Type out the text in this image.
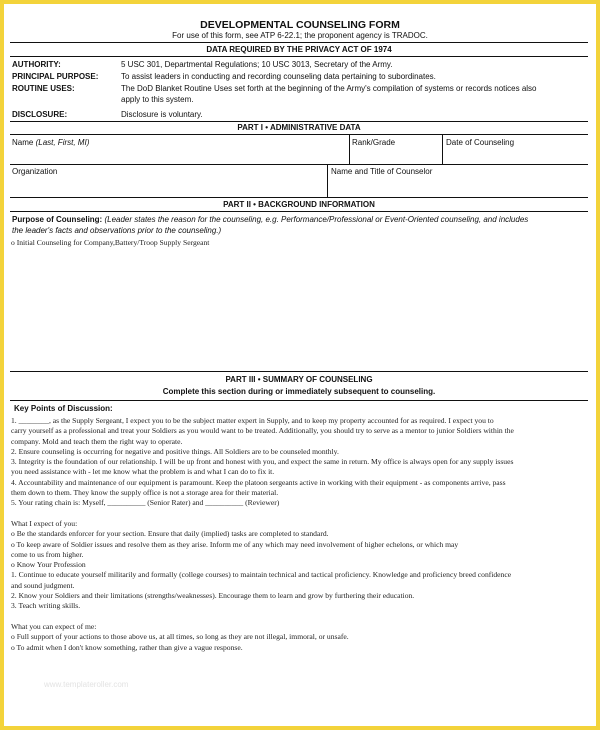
DEVELOPMENTAL COUNSELING FORM
For use of this form, see ATP 6-22.1; the proponent agency is TRADOC.
DATA REQUIRED BY THE PRIVACY ACT OF 1974
AUTHORITY:	5 USC 301, Departmental Regulations; 10 USC 3013, Secretary of the Army.
PRINCIPAL PURPOSE:	To assist leaders in conducting and recording counseling data pertaining to subordinates.
ROUTINE USES:	The DoD Blanket Routine Uses set forth at the beginning of the Army's compilation of systems or records notices also
apply to this system.
DISCLOSURE:	Disclosure is voluntary.
PART I • ADMINISTRATIVE DATA
Name (Last, First, MI)	Rank/Grade	Date of Counseling
Organization	Name and Title of Counselor
PART II • BACKGROUND INFORMATION
Purpose of Counseling: (Leader states the reason for the counseling, e.g. Performance/Professional or Event-Oriented counseling, and includes
the leader's facts and observations prior to the counseling.)
o Initial Counseling for Company,Battery/Troop Supply Sergeant
PART III • SUMMARY OF COUNSELING
Complete this section during or immediately subsequent to counseling.
Key Points of Discussion:
1. ________, as the Supply Sergeant, I expect you to be the subject matter expert in Supply, and to keep my property accounted for as required. I expect you to
carry yourself as a professional and treat your Soldiers as you would want to be treated. Additionally, you should try to serve as a mentor to junior Soldiers within the
company. Mold and teach them the right way to operate.
2. Ensure counseling is occurring for negative and positive things. All Soldiers are to be counseled monthly.
3. Integrity is the foundation of our relationship. I will be up front and honest with you, and expect the same in return. My office is always open for any supply issues
you need assistance with - let me know what the problem is and what I can do to fix it.
4. Accountability and maintenance of our equipment is paramount. Keep the platoon sergeants active in working with their equipment - as components arrive, pass
them down to them. They know the supply office is not a storage area for their material.
5. Your rating chain is: Myself, __________ (Senior Rater) and __________ (Reviewer)
What I expect of you:
o Be the standards enforcer for your section. Ensure that daily (implied) tasks are completed to standard.
o To keep aware of Soldier issues and resolve them as they arise. Inform me of any which may need involvement of higher echelons, or which may
come to us from higher.
o Know Your Profession
1. Continue to educate yourself militarily and formally (college courses) to maintain technical and tactical proficiency. Knowledge and proficiency breed confidence
and sound judgment.
2. Know your Soldiers and their limitations (strengths/weaknesses). Encourage them to learn and grow by furthering their education.
3. Teach writing skills.
What you can expect of me:
o Full support of your actions to those above us, at all times, so long as they are not illegal, immoral, or unsafe.
o To admit when I don't know something, rather than give a vague response.
www.templateroller.com
